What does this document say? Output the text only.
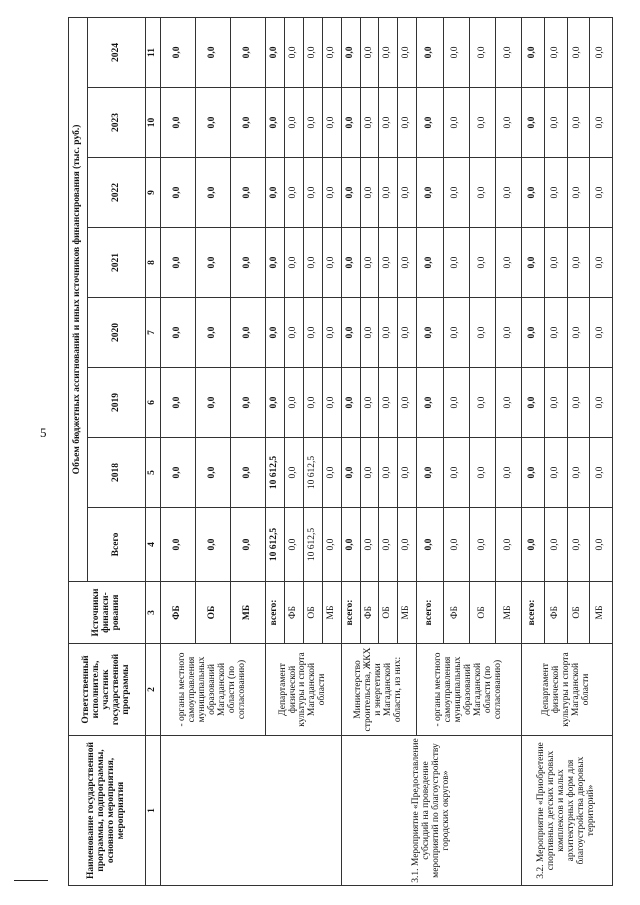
5
Наименование государственной программы, подпрограммы, основного мероприятия, мероприятия	Ответственный исполнитель, участник государственной программы	Источники финанси-рования	Объем бюджетных ассигнований и иных источников финансирования (тыс. руб.)							
			Всего	2018	2019	2020	2021	2022	2023	2024
1	2	3	4	5	6	7	8	9	10	11
	- органы местного самоуправления муниципальных образований Магаданской области (по согласованию)	ФБ	0,0	0,0	0,0	0,0	0,0	0,0	0,0	0,0
		ОБ	0,0	0,0	0,0	0,0	0,0	0,0	0,0	0,0
		МБ	0,0	0,0	0,0	0,0	0,0	0,0	0,0	0,0
	Департамент физической культуры и спорта Магаданской области	всего:	10 612,5	10 612,5	0,0	0,0	0,0	0,0	0,0	0,0
		ФБ	0,0	0,0	0,0	0,0	0,0	0,0	0,0	0,0
		ОБ	10 612,5	10 612,5	0,0	0,0	0,0	0,0	0,0	0,0
		МБ	0,0	0,0	0,0	0,0	0,0	0,0	0,0	0,0
3.1. Мероприятие «Предоставление субсидий на проведение мероприятий по благоустройству городских округов»	Министерство строительства, ЖКХ и энергетики Магаданской области, из них:	всего:	0,0	0,0	0,0	0,0	0,0	0,0	0,0	0,0
		ФБ	0,0	0,0	0,0	0,0	0,0	0,0	0,0	0,0
		ОБ	0,0	0,0	0,0	0,0	0,0	0,0	0,0	0,0
		МБ	0,0	0,0	0,0	0,0	0,0	0,0	0,0	0,0
	- органы местного самоуправления муниципальных образований Магаданской области (по согласованию)	всего:	0,0	0,0	0,0	0,0	0,0	0,0	0,0	0,0
		ФБ	0,0	0,0	0,0	0,0	0,0	0,0	0,0	0,0
		ОБ	0,0	0,0	0,0	0,0	0,0	0,0	0,0	0,0
		МБ	0,0	0,0	0,0	0,0	0,0	0,0	0,0	0,0
3.2. Мероприятие «Приобретение спортивных детских игровых комплексов и малых архитектурных форм для благоустройства дворовых территорий»	Департамент физической культуры и спорта Магаданской области	всего:	0,0	0,0	0,0	0,0	0,0	0,0	0,0	0,0
		ФБ	0,0	0,0	0,0	0,0	0,0	0,0	0,0	0,0
		ОБ	0,0	0,0	0,0	0,0	0,0	0,0	0,0	0,0
		МБ	0,0	0,0	0,0	0,0	0,0	0,0	0,0	0,0
